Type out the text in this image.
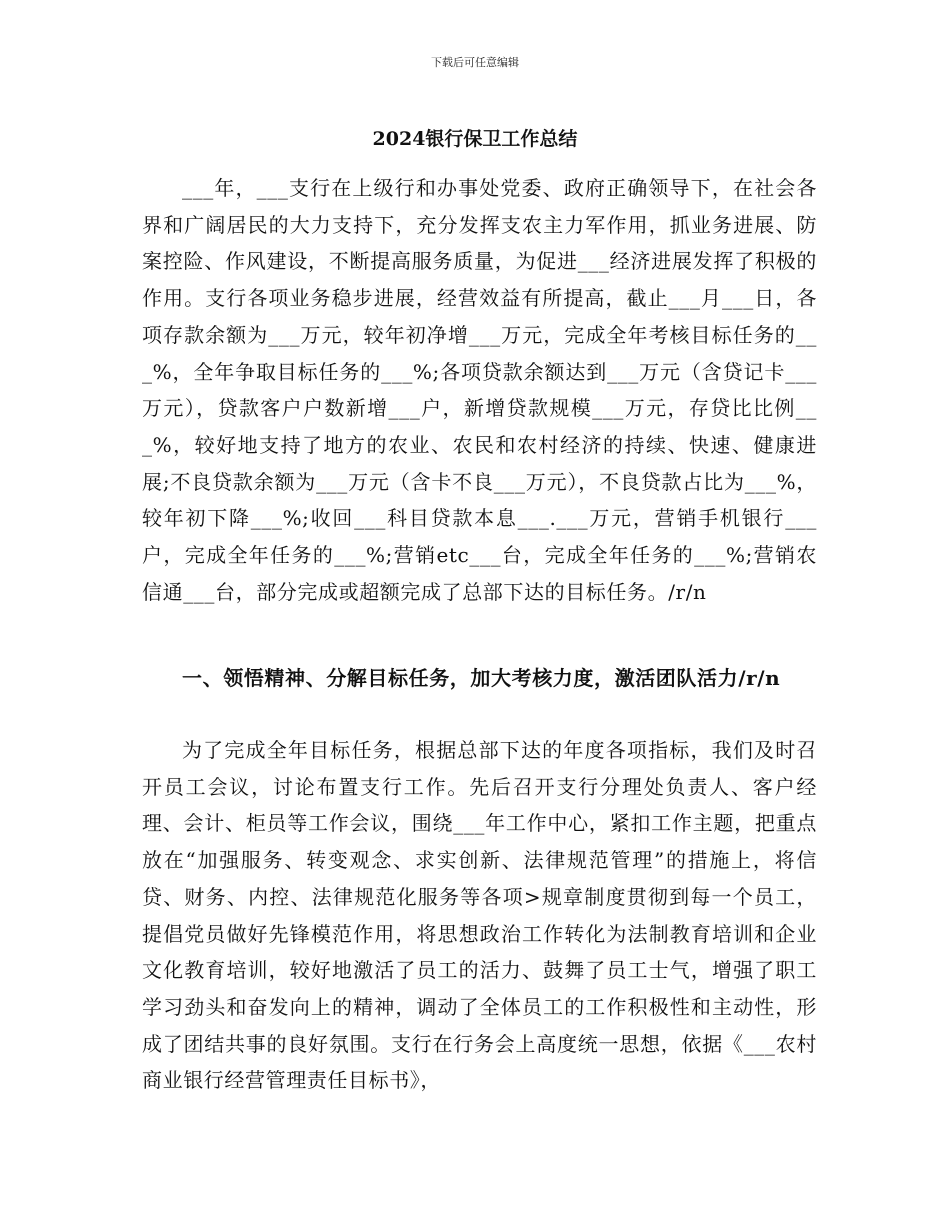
下载后可任意编辑
2024银行保卫工作总结

___年，___支行在上级行和办事处党委、政府正确领导下，在社会各界和广阔居民的大力支持下，充分发挥支农主力军作用，抓业务进展、防案控险、作风建设，不断提高服务质量，为促进___经济进展发挥了积极的作用。支行各项业务稳步进展，经营效益有所提高，截止___月___日，各项存款余额为___万元，较年初净增___万元，完成全年考核目标任务的___%，全年争取目标任务的___%;各项贷款余额达到___万元（含贷记卡___万元），贷款客户户数新增___户，新增贷款规模___万元，存贷比比例___%，较好地支持了地方的农业、农民和农村经济的持续、快速、健康进展;不良贷款余额为___万元（含卡不良___万元），不良贷款占比为___%，较年初下降___%;收回___科目贷款本息___.___万元，营销手机银行___户，完成全年任务的___%;营销etc___台，完成全年任务的___%;营销农信通___台，部分完成或超额完成了总部下达的目标任务。/r/n

一、领悟精神、分解目标任务，加大考核力度，激活团队活力/r/n

为了完成全年目标任务，根据总部下达的年度各项指标，我们及时召开员工会议，讨论布置支行工作。先后召开支行分理处负责人、客户经理、会计、柜员等工作会议，围绕___年工作中心，紧扣工作主题，把重点放在“加强服务、转变观念、求实创新、法律规范管理”的措施上，将信贷、财务、内控、法律规范化服务等各项>规章制度贯彻到每一个员工，提倡党员做好先锋模范作用，将思想政治工作转化为法制教育培训和企业文化教育培训，较好地激活了员工的活力、鼓舞了员工士气，增强了职工学习劲头和奋发向上的精神，调动了全体员工的工作积极性和主动性，形成了团结共事的良好氛围。支行在行务会上高度统一思想，依据《___农村商业银行经营管理责任目标书》，
